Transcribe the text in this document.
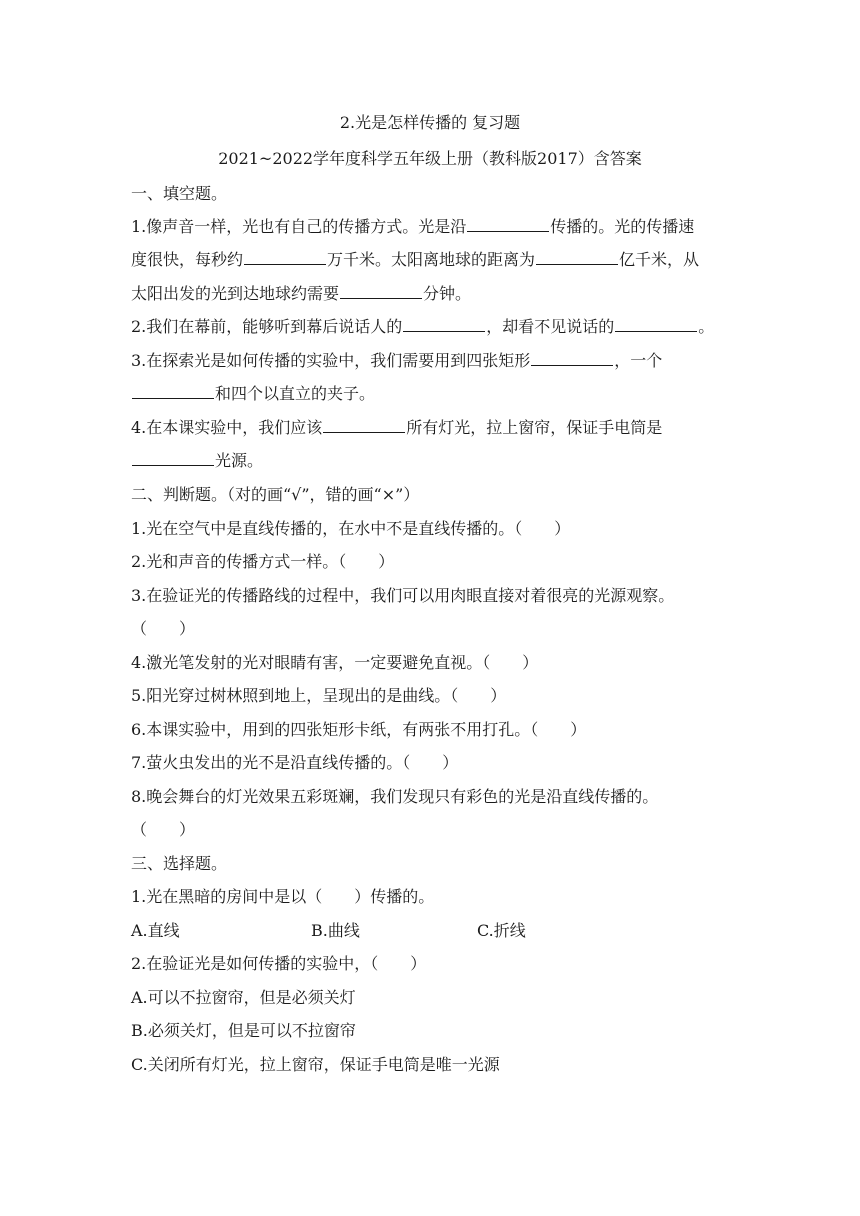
2.光是怎样传播的 复习题
2021~2022学年度科学五年级上册（教科版2017）含答案
一、填空题。
1.像声音一样，光也有自己的传播方式。光是沿	传播的。光的传播速
度很快，每秒约	万千米。太阳离地球的距离为	亿千米，从
太阳出发的光到达地球约需要	分钟。
2.我们在幕前，能够听到幕后说话人的	，却看不见说话的	。
3.在探索光是如何传播的实验中，我们需要用到四张矩形	，一个
和四个以直立的夹子。
4.在本课实验中，我们应该	所有灯光，拉上窗帘，保证手电筒是
光源。
二、判断题。（对的画“√”，错的画“×”）
1.光在空气中是直线传播的，在水中不是直线传播的。（　　）
2.光和声音的传播方式一样。（　　）
3.在验证光的传播路线的过程中，我们可以用肉眼直接对着很亮的光源观察。
（　　）
4.激光笔发射的光对眼睛有害，一定要避免直视。（　　）
5.阳光穿过树林照到地上，呈现出的是曲线。（　　）
6.本课实验中，用到的四张矩形卡纸，有两张不用打孔。（　　）
7.萤火虫发出的光不是沿直线传播的。（　　）
8.晚会舞台的灯光效果五彩斑斓，我们发现只有彩色的光是沿直线传播的。
（　　）
三、选择题。
1.光在黑暗的房间中是以（　　）传播的。
A.直线	B.曲线	C.折线
2.在验证光是如何传播的实验中，（　　）
A.可以不拉窗帘，但是必须关灯
B.必须关灯，但是可以不拉窗帘
C.关闭所有灯光，拉上窗帘，保证手电筒是唯一光源
